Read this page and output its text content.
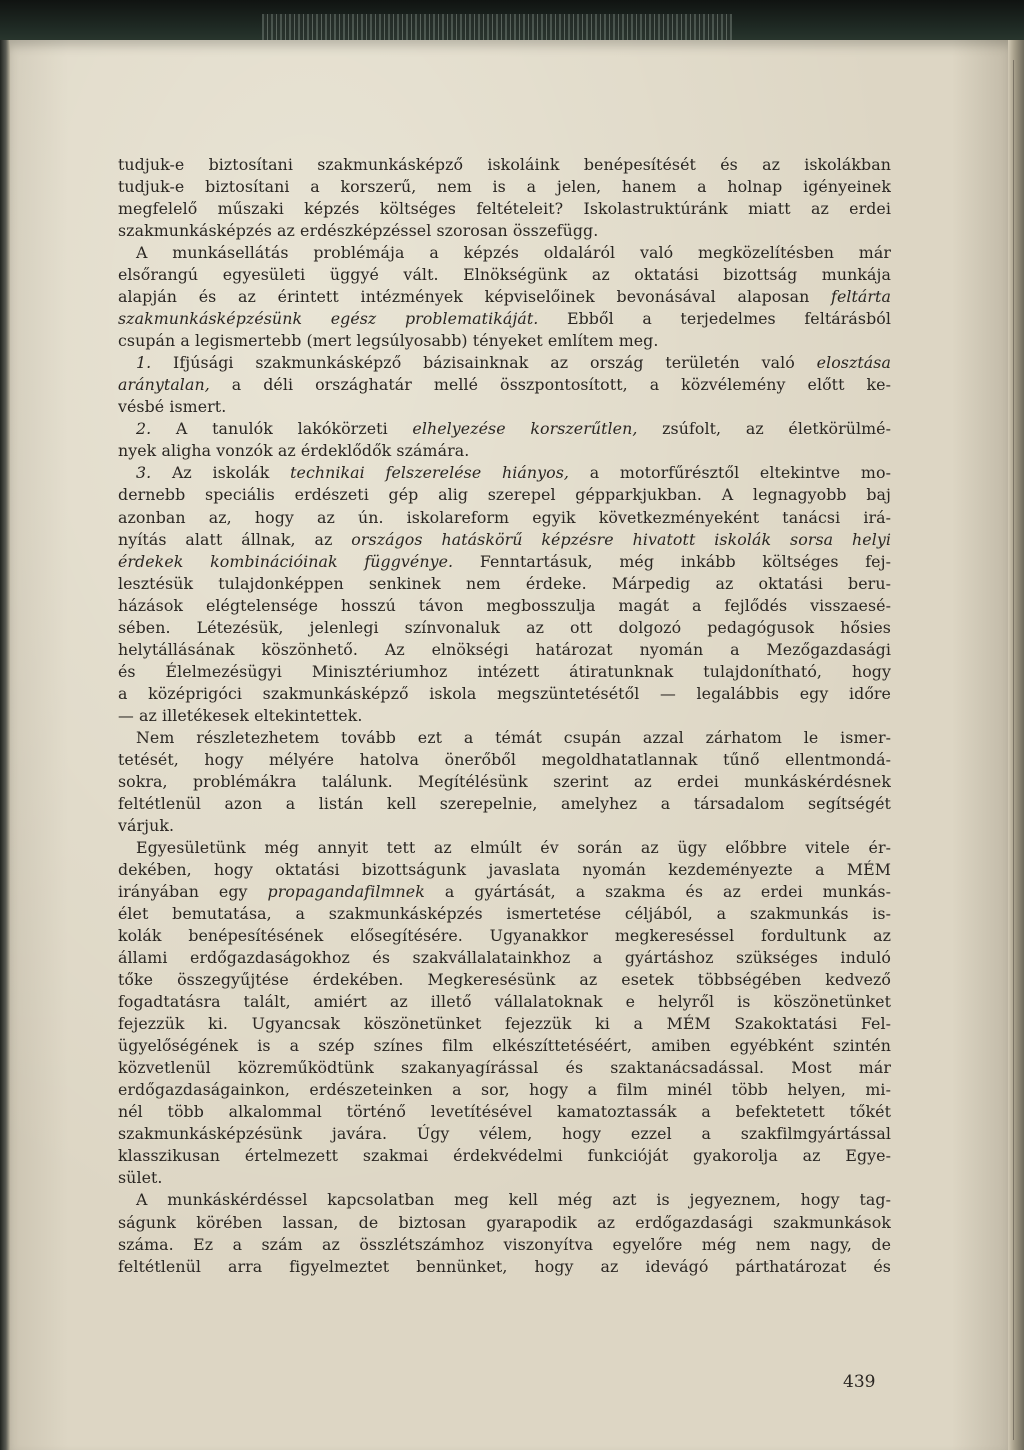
tudjuk-e biztosítani szakmunkásképző iskoláink benépesítését és az iskolákban
tudjuk-e biztosítani a korszerű, nem is a jelen, hanem a holnap igényeinek
megfelelő műszaki képzés költséges feltételeit? Iskolastruktúránk miatt az erdei
szakmunkásképzés az erdészképzéssel szorosan összefügg.
A munkásellátás problémája a képzés oldaláról való megközelítésben már
elsőrangú egyesületi üggyé vált. Elnökségünk az oktatási bizottság munkája
alapján és az érintett intézmények képviselőinek bevonásával alaposan feltárta
szakmunkásképzésünk egész problematikáját. Ebből a terjedelmes feltárásból
csupán a legismertebb (mert legsúlyosabb) tényeket említem meg.
1. Ifjúsági szakmunkásképző bázisainknak az ország területén való elosztása
aránytalan, a déli országhatár mellé összpontosított, a közvélemény előtt ke-
vésbé ismert.
2. A tanulók lakókörzeti elhelyezése korszerűtlen, zsúfolt, az életkörülmé-
nyek aligha vonzók az érdeklődők számára.
3. Az iskolák technikai felszerelése hiányos, a motorfűrésztől eltekintve mo-
dernebb speciális erdészeti gép alig szerepel gépparkjukban. A legnagyobb baj
azonban az, hogy az ún. iskolareform egyik következményeként tanácsi irá-
nyítás alatt állnak, az országos hatáskörű képzésre hivatott iskolák sorsa helyi
érdekek kombinációinak függvénye. Fenntartásuk, még inkább költséges fej-
lesztésük tulajdonképpen senkinek nem érdeke. Márpedig az oktatási beru-
házások elégtelensége hosszú távon megbosszulja magát a fejlődés visszaesé-
sében. Létezésük, jelenlegi színvonaluk az ott dolgozó pedagógusok hősies
helytállásának köszönhető. Az elnökségi határozat nyomán a Mezőgazdasági
és Élelmezésügyi Minisztériumhoz intézett átiratunknak tulajdonítható, hogy
a középrigóci szakmunkásképző iskola megszüntetésétől — legalábbis egy időre
— az illetékesek eltekintettek.
Nem részletezhetem tovább ezt a témát csupán azzal zárhatom le ismer-
tetését, hogy mélyére hatolva önerőből megoldhatatlannak tűnő ellentmondá-
sokra, problémákra találunk. Megítélésünk szerint az erdei munkáskérdésnek
feltétlenül azon a listán kell szerepelnie, amelyhez a társadalom segítségét
várjuk.
Egyesületünk még annyit tett az elmúlt év során az ügy előbbre vitele ér-
dekében, hogy oktatási bizottságunk javaslata nyomán kezdeményezte a MÉM
irányában egy propagandafilmnek a gyártását, a szakma és az erdei munkás-
élet bemutatása, a szakmunkásképzés ismertetése céljából, a szakmunkás is-
kolák benépesítésének elősegítésére. Ugyanakkor megkereséssel fordultunk az
állami erdőgazdaságokhoz és szakvállalatainkhoz a gyártáshoz szükséges induló
tőke összegyűjtése érdekében. Megkeresésünk az esetek többségében kedvező
fogadtatásra talált, amiért az illető vállalatoknak e helyről is köszönetünket
fejezzük ki. Ugyancsak köszönetünket fejezzük ki a MÉM Szakoktatási Fel-
ügyelőségének is a szép színes film elkészíttetéséért, amiben egyébként szintén
közvetlenül közreműködtünk szakanyagírással és szaktanácsadással. Most már
erdőgazdaságainkon, erdészeteinken a sor, hogy a film minél több helyen, mi-
nél több alkalommal történő levetítésével kamatoztassák a befektetett tőkét
szakmunkásképzésünk javára. Úgy vélem, hogy ezzel a szakfilmgyártással
klasszikusan értelmezett szakmai érdekvédelmi funkcióját gyakorolja az Egye-
sület.
A munkáskérdéssel kapcsolatban meg kell még azt is jegyeznem, hogy tag-
ságunk körében lassan, de biztosan gyarapodik az erdőgazdasági szakmunkások
száma. Ez a szám az összlétszámhoz viszonyítva egyelőre még nem nagy, de
feltétlenül arra figyelmeztet bennünket, hogy az idevágó párthatározat és
439
